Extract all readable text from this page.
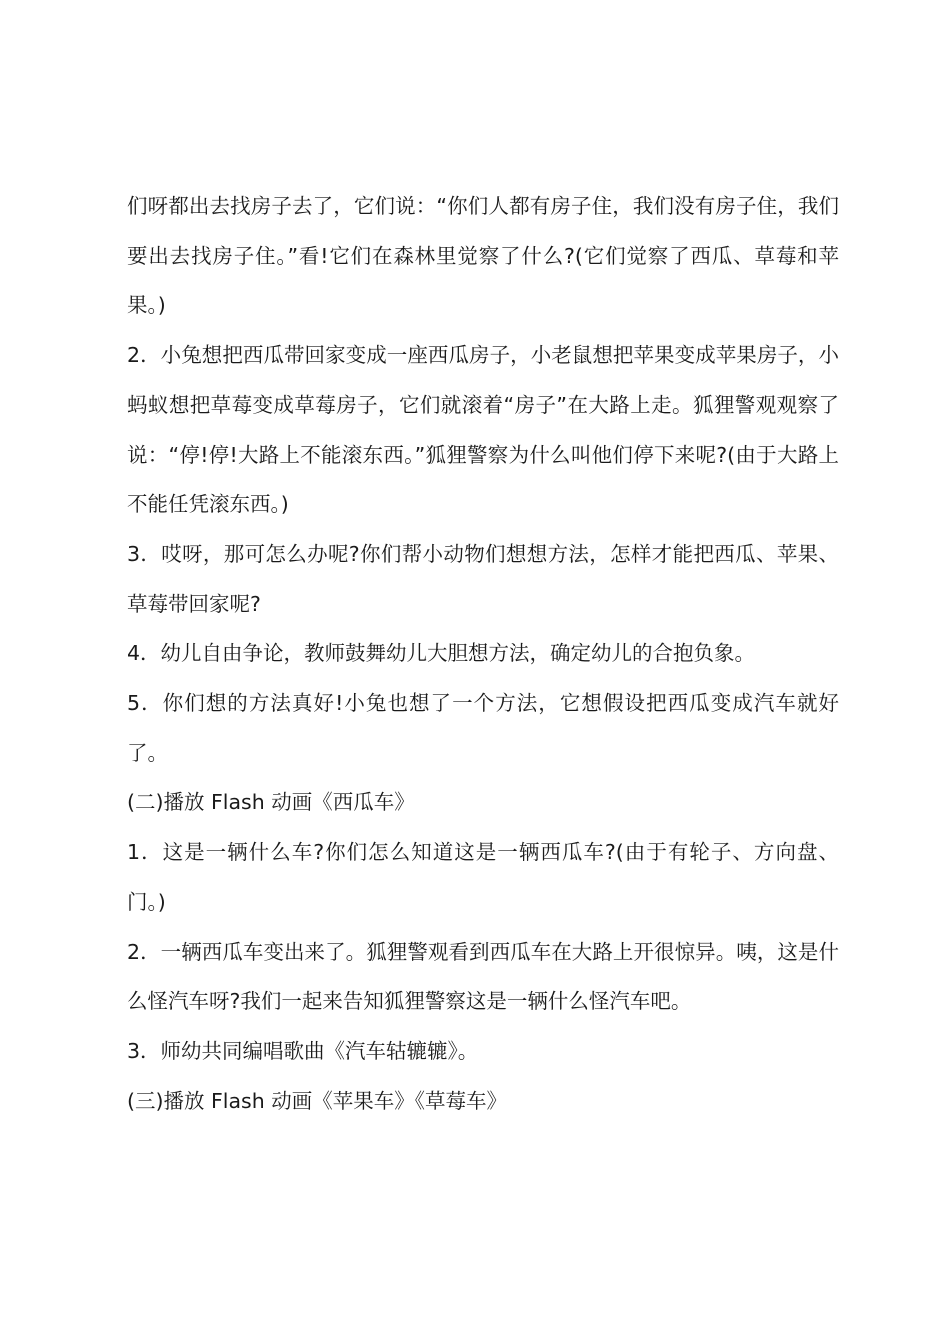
们呀都出去找房子去了，它们说：“你们人都有房子住，我们没有房子住，我们要出去找房子住。”看!它们在森林里觉察了什么?(它们觉察了西瓜、草莓和苹果。)

2．小兔想把西瓜带回家变成一座西瓜房子，小老鼠想把苹果变成苹果房子，小蚂蚁想把草莓变成草莓房子，它们就滚着“房子”在大路上走。狐狸警观观察了说：“停!停!大路上不能滚东西。”狐狸警察为什么叫他们停下来呢?(由于大路上不能任凭滚东西。)

3．哎呀，那可怎么办呢?你们帮小动物们想想方法，怎样才能把西瓜、苹果、草莓带回家呢?

4．幼儿自由争论，教师鼓舞幼儿大胆想方法，确定幼儿的合抱负象。

5．你们想的方法真好!小兔也想了一个方法，它想假设把西瓜变成汽车就好了。

(二)播放 Flash 动画《西瓜车》

1．这是一辆什么车?你们怎么知道这是一辆西瓜车?(由于有轮子、方向盘、门。)

2．一辆西瓜车变出来了。狐狸警观看到西瓜车在大路上开很惊异。咦，这是什么怪汽车呀?我们一起来告知狐狸警察这是一辆什么怪汽车吧。

3．师幼共同编唱歌曲《汽车轱辘辘》。

(三)播放 Flash 动画《苹果车》《草莓车》
